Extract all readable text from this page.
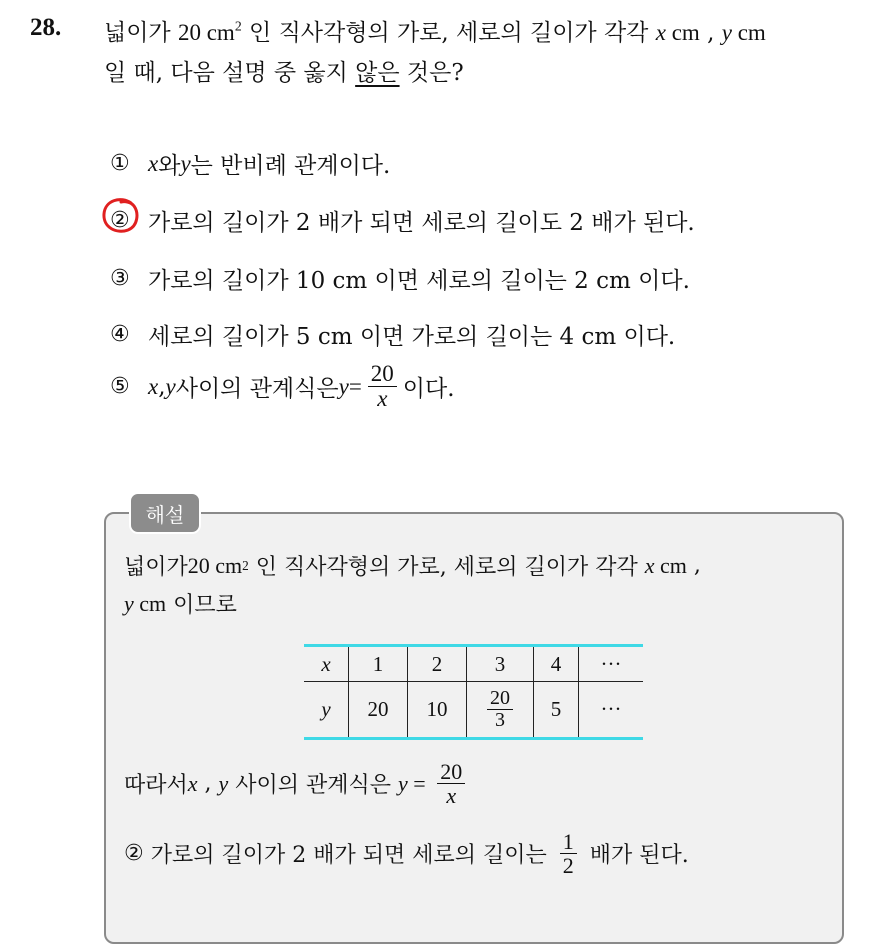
28. 넓이가 20 $cm^2$ 인 직사각형의 가로, 세로의 길이가 각각 x cm , y cm
일 때, 다음 설명 중 옳지 않은 것은?
① x 와 y 는 반비례 관계이다.
② 가로의 길이가 2 배가 되면 세로의 길이도 2 배가 된다.
③ 가로의 길이가 10 cm 이면 세로의 길이는 2 cm 이다.
④ 세로의 길이가 5 cm 이면 가로의 길이는 4 cm 이다.
⑤ x , y 사이의 관계식은 $y = \frac{20}{x}$ 이다.
해설
넓이가 20
cm 2 인 직사각형의 가로, 세로의 길이가 각각 x
cm ,
y
cm 이므로
x	1	2	3	4	···
y	20	10	$\frac{20}{3}$	5	···
따라서 x , y 사이의 관계식은 $y = \frac{20}{x}$
② 가로의 길이가 2 배가 되면 세로의 길이는 $\frac{1}{2}$ 배가 된다.
